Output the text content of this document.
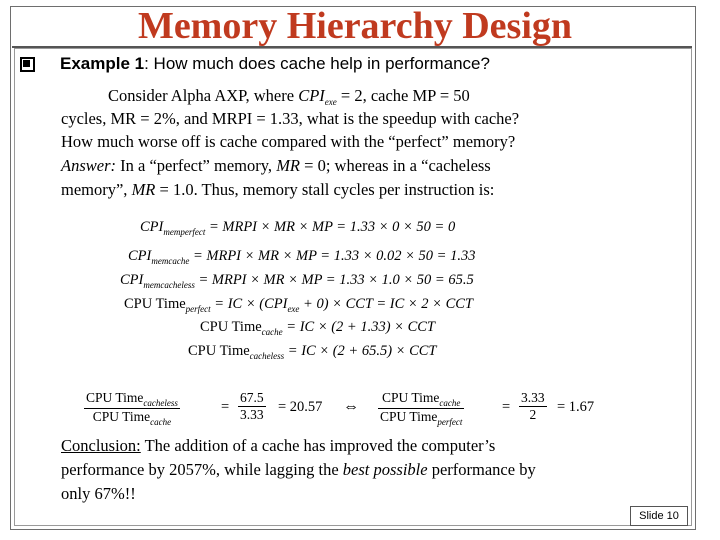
Memory Hierarchy Design
Example 1: How much does cache help in performance?
Consider Alpha AXP, where $CPI_{exe} = 2$, cache MP = 50
cycles, MR = 2%, and MRPI = 1.33, what is the speedup with cache?
How much worse off is cache compared with the “perfect” memory?
Answer: In a “perfect” memory, MR = 0; whereas in a “cacheless
memory”, MR = 1.0. Thus, memory stall cycles per instruction is:
$CPI_{memperfect}$ = MRPI × MR × MP = 1.33 × 0 × 50 = 0
$CPI_{memcache}$ = MRPI × MR × MP = 1.33 × 0.02 × 50 = 1.33
$CPI_{memcacheless}$ = MRPI × MR × MP = 1.33 × 1.0 × 50 = 65.5
CPU Time$_{perfect}$ = IC × $(CPI_{exe} + 0)$ × CCT = IC × 2 × CCT
CPU Time$_{cache}$ = IC × (2 + 1.33) × CCT
CPU Time$_{cacheless}$ = IC × (2 + 65.5) × CCT
CPU Time$_{cacheless}$
CPU Time$_{cache}$
= $\frac{67.5}{3.33} = 20.57$ ⇔
CPU Time$_{cache}$
CPU Time$_{perfect}$
= $\frac{3.33}{2} = 1.67$
Conclusion: The addition of a cache has improved the computer’s
performance by 2057%, while lagging the best possible performance by
only 67%!!
Slide 10
